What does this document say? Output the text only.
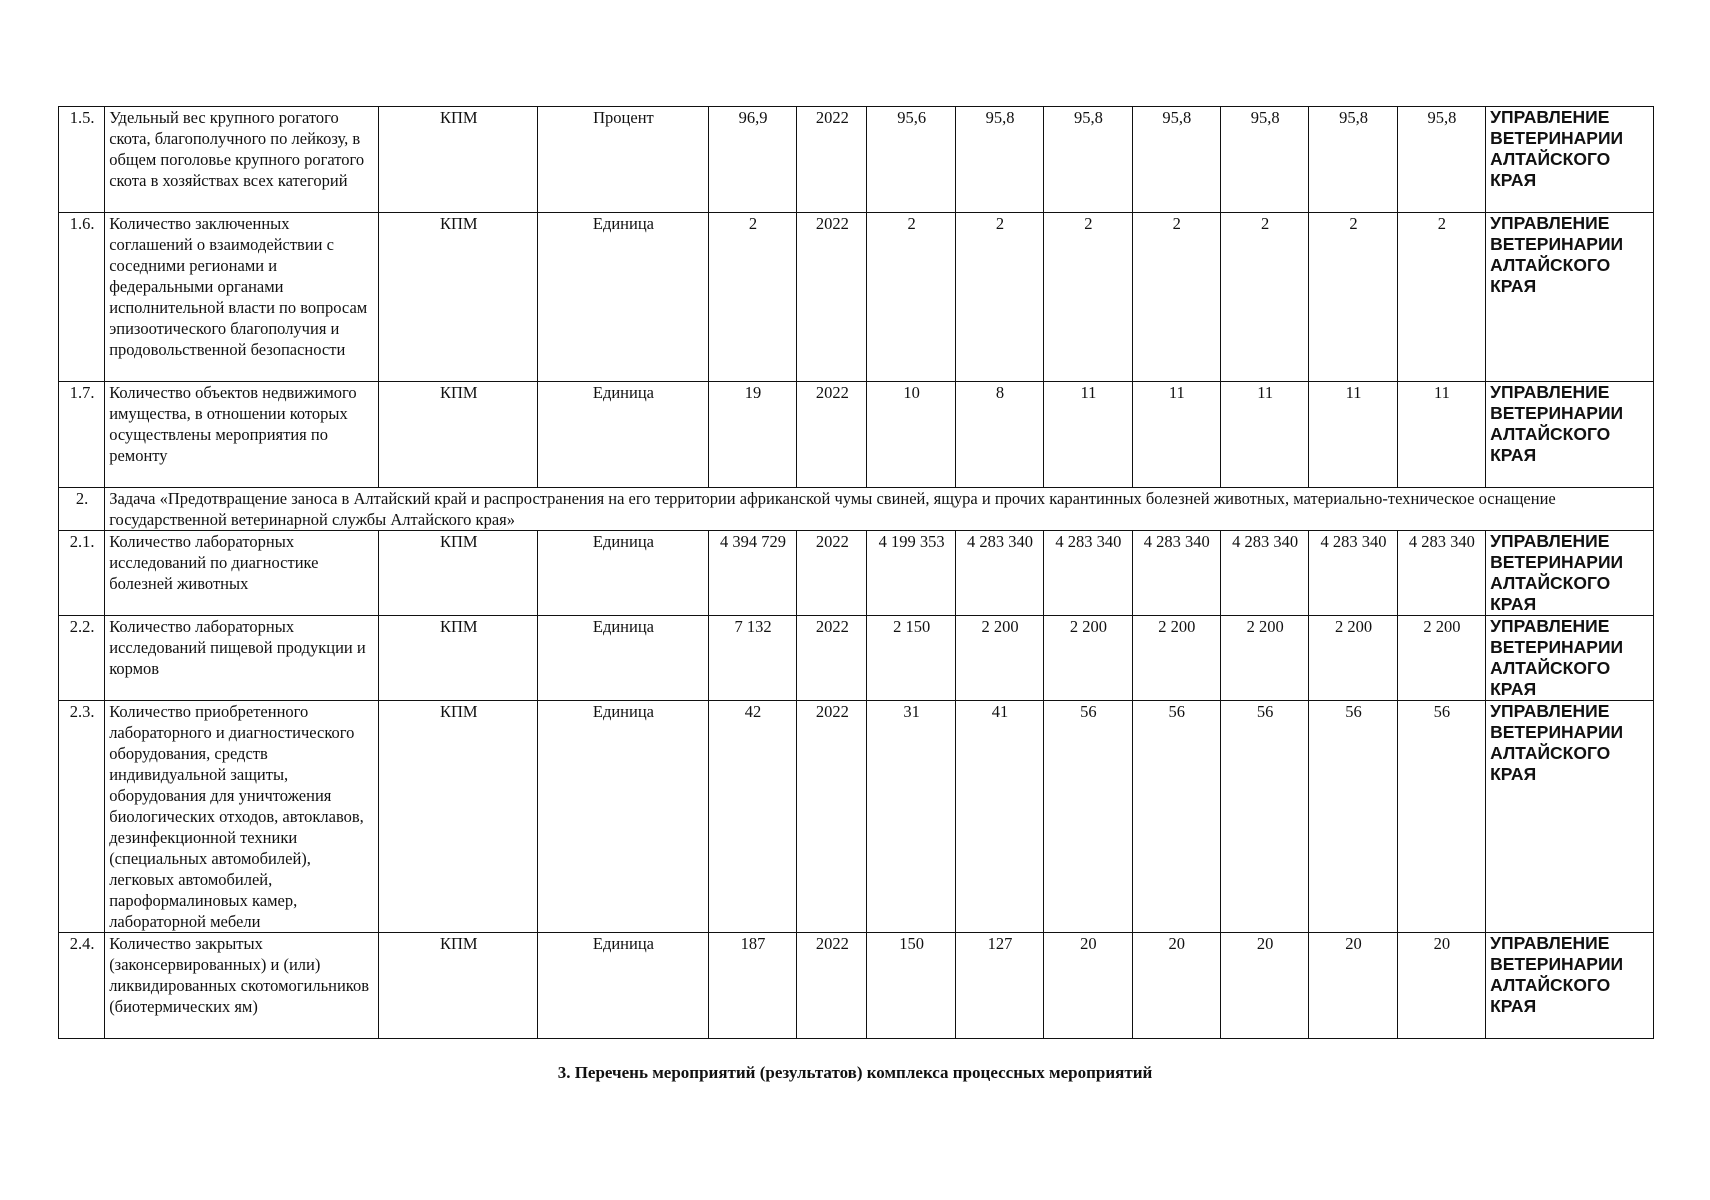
1.5.	Удельный вес крупного рогатого скота, благополучного по лейкозу, в общем поголовье крупного рогатого скота в хозяйствах всех категорий	КПМ	Процент	96,9	2022	95,6	95,8	95,8	95,8	95,8	95,8	95,8	УПРАВЛЕНИЕ ВЕТЕРИНАРИИ АЛТАЙСКОГО КРАЯ
1.6.	Количество заключенных соглашений о взаимодействии с соседними регионами и федеральными органами исполнительной власти по вопросам эпизоотического благополучия и продовольственной безопасности	КПМ	Единица	2	2022	2	2	2	2	2	2	2	УПРАВЛЕНИЕ ВЕТЕРИНАРИИ АЛТАЙСКОГО КРАЯ
1.7.	Количество объектов недвижимого имущества, в отношении которых осуществлены мероприятия по ремонту	КПМ	Единица	19	2022	10	8	11	11	11	11	11	УПРАВЛЕНИЕ ВЕТЕРИНАРИИ АЛТАЙСКОГО КРАЯ
2.	Задача «Предотвращение заноса в Алтайский край и распространения на его территории африканской чумы свиней, ящура и прочих карантинных болезней животных, материально-техническое оснащение государственной ветеринарной службы Алтайского края»												
2.1.	Количество лабораторных исследований по диагностике болезней животных	КПМ	Единица	4 394 729	2022	4 199 353	4 283 340	4 283 340	4 283 340	4 283 340	4 283 340	4 283 340	УПРАВЛЕНИЕ ВЕТЕРИНАРИИ АЛТАЙСКОГО КРАЯ
2.2.	Количество лабораторных исследований пищевой продукции и кормов	КПМ	Единица	7 132	2022	2 150	2 200	2 200	2 200	2 200	2 200	2 200	УПРАВЛЕНИЕ ВЕТЕРИНАРИИ АЛТАЙСКОГО КРАЯ
2.3.	Количество приобретенного лабораторного и диагностического оборудования, средств индивидуальной защиты, оборудования для уничтожения биологических отходов, автоклавов, дезинфекционной техники (специальных автомобилей), легковых автомобилей, пароформалиновых камер, лабораторной мебели	КПМ	Единица	42	2022	31	41	56	56	56	56	56	УПРАВЛЕНИЕ ВЕТЕРИНАРИИ АЛТАЙСКОГО КРАЯ
2.4.	Количество закрытых (законсервированных) и (или) ликвидированных скотомогильников (биотермических ям)	КПМ	Единица	187	2022	150	127	20	20	20	20	20	УПРАВЛЕНИЕ ВЕТЕРИНАРИИ АЛТАЙСКОГО КРАЯ
3. Перечень мероприятий (результатов) комплекса процессных мероприятий
